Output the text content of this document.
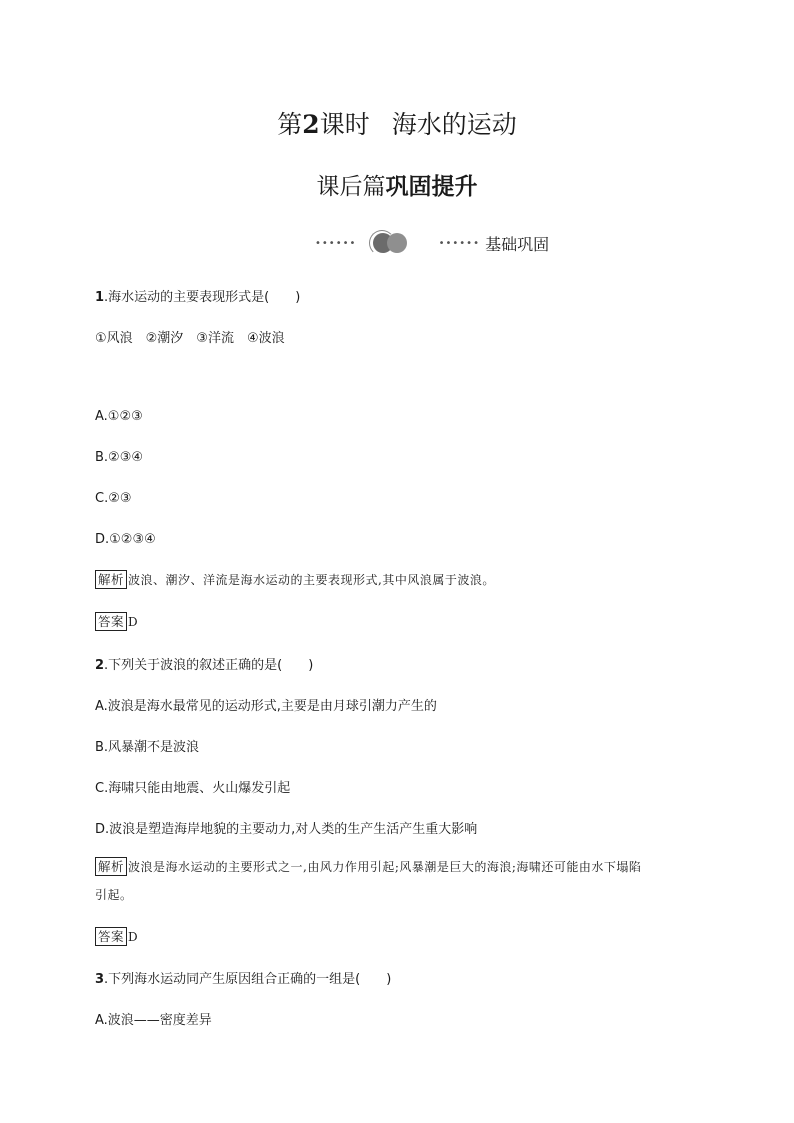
第2课时 海水的运动
课后篇巩固提升
••••••	•••••• 基础巩固
1.海水运动的主要表现形式是(　　)
①风浪　②潮汐　③洋流　④波浪
A.①②③
B.②③④
C.②③
D.①②③④
解析 波浪、潮汐、洋流是海水运动的主要表现形式,其中风浪属于波浪。
答案 D
2.下列关于波浪的叙述正确的是(　　)
A.波浪是海水最常见的运动形式,主要是由月球引潮力产生的
B.风暴潮不是波浪
C.海啸只能由地震、火山爆发引起
D.波浪是塑造海岸地貌的主要动力,对人类的生产生活产生重大影响
解析 波浪是海水运动的主要形式之一,由风力作用引起;风暴潮是巨大的海浪;海啸还可能由水下塌陷
引起。
答案 D
3.下列海水运动同产生原因组合正确的一组是(　　)
A.波浪——密度差异
